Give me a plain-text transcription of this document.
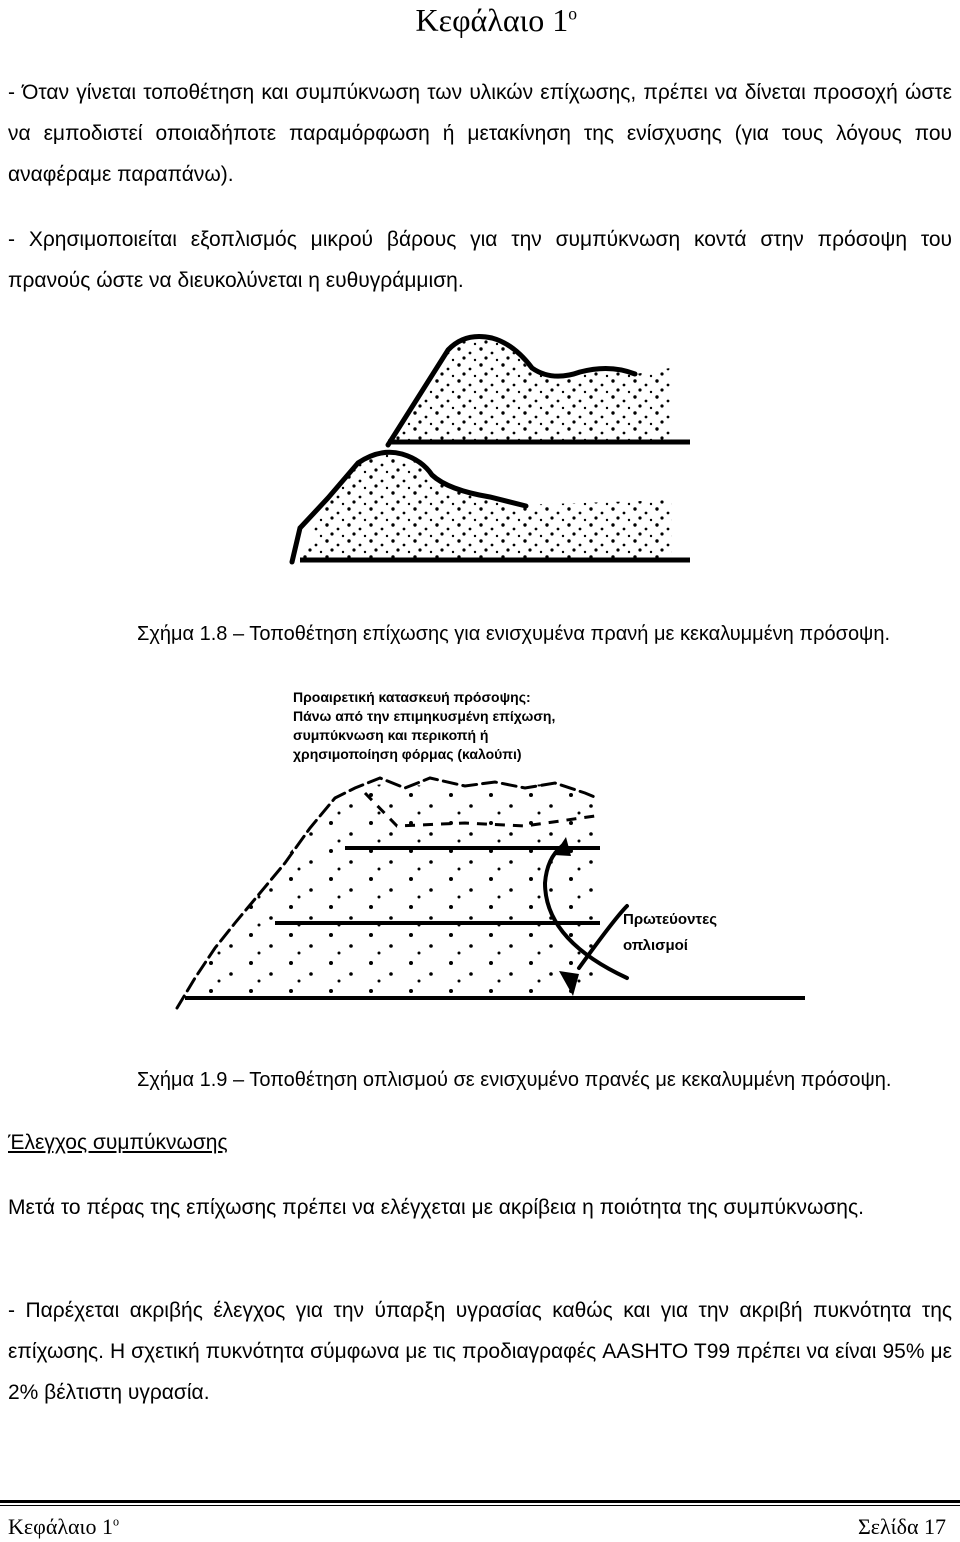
Κεφάλαιο $1^o$

- Όταν γίνεται τοποθέτηση και συμπύκνωση των υλικών επίχωσης, πρέπει να δίνεται προσοχή ώστε να εμποδιστεί οποιαδήποτε παραμόρφωση ή μετακίνηση της ενίσχυσης (για τους λόγους που αναφέραμε παραπάνω).

- Χρησιμοποιείται εξοπλισμός μικρού βάρους για την συμπύκνωση κοντά στην πρόσοψη του πρανούς ώστε να διευκολύνεται η ευθυγράμμιση.

Σχήμα 1.8 – Τοποθέτηση επίχωσης για ενισχυμένα πρανή με κεκαλυμμένη πρόσοψη.
Προαιρετική κατασκευή πρόσοψης:
Πάνω από την επιμηκυσμένη επίχωση,
συμπύκνωση και περικοπή ή
χρησιμοποίηση φόρμας (καλούπι)
Πρωτεύοντες
οπλισμοί
Σχήμα 1.9 – Τοποθέτηση οπλισμού σε ενισχυμένο πρανές με κεκαλυμμένη πρόσοψη.
Έλεγχος συμπύκνωσης

Μετά το πέρας της επίχωσης πρέπει να ελέγχεται με ακρίβεια η ποιότητα της συμπύκνωσης.

- Παρέχεται ακριβής έλεγχος για την ύπαρξη υγρασίας καθώς και για την ακριβή πυκνότητα της επίχωσης. Η σχετική πυκνότητα σύμφωνα με τις προδιαγραφές AASHTO T99 πρέπει να είναι 95% με 2% βέλτιστη υγρασία.

Κεφάλαιο $1^o$	Σελίδα 17
